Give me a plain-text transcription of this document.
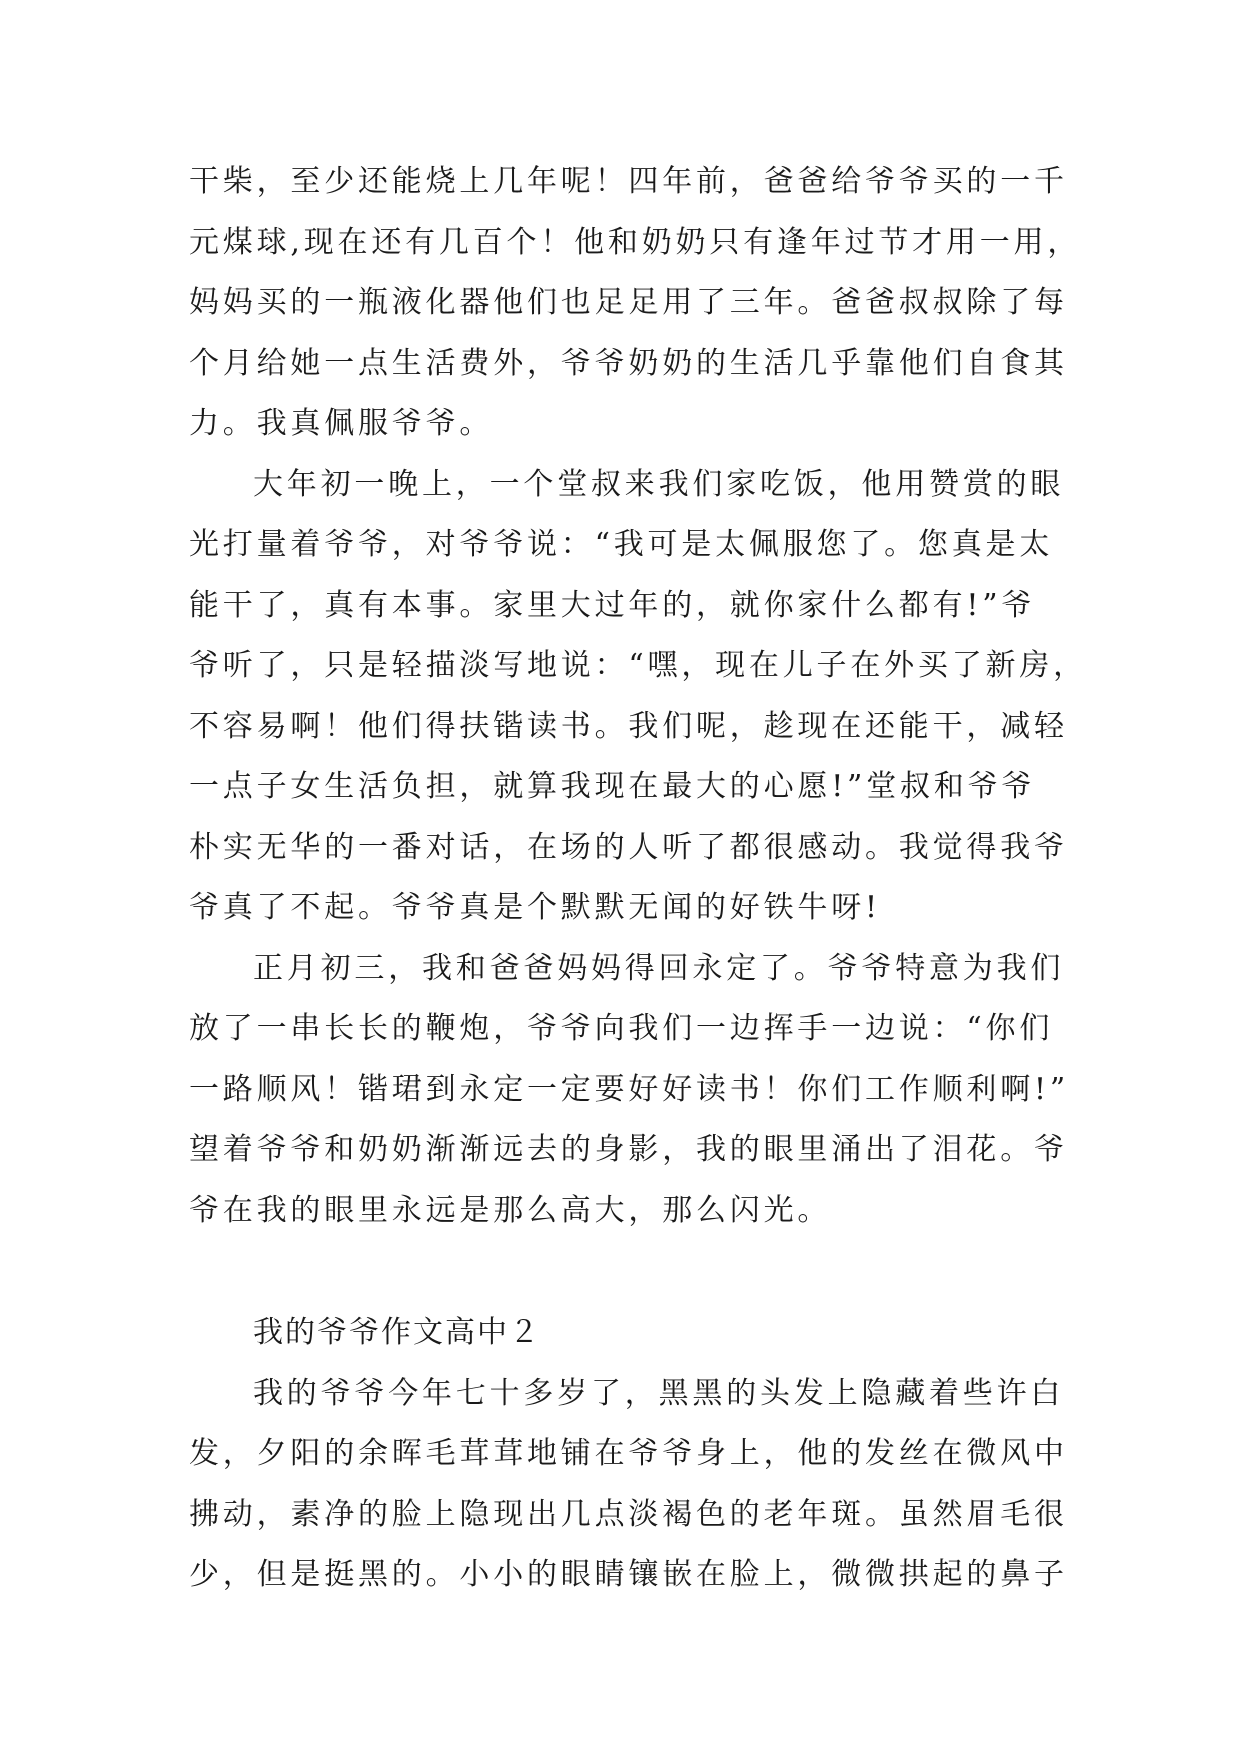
干柴，至少还能烧上几年呢！四年前，爸爸给爷爷买的一千
元煤球,现在还有几百个！他和奶奶只有逢年过节才用一用，
妈妈买的一瓶液化器他们也足足用了三年。爸爸叔叔除了每
个月给她一点生活费外，爷爷奶奶的生活几乎靠他们自食其
力。我真佩服爷爷。
大年初一晚上，一个堂叔来我们家吃饭，他用赞赏的眼
光打量着爷爷，对爷爷说：“我可是太佩服您了。您真是太
能干了，真有本事。家里大过年的，就你家什么都有!”爷
爷听了，只是轻描淡写地说：“嘿，现在儿子在外买了新房，
不容易啊！他们得扶锴读书。我们呢，趁现在还能干，减轻
一点子女生活负担，就算我现在最大的心愿!”堂叔和爷爷
朴实无华的一番对话，在场的人听了都很感动。我觉得我爷
爷真了不起。爷爷真是个默默无闻的好铁牛呀!
正月初三，我和爸爸妈妈得回永定了。爷爷特意为我们
放了一串长长的鞭炮，爷爷向我们一边挥手一边说：“你们
一路顺风！锴珺到永定一定要好好读书！你们工作顺利啊!”
望着爷爷和奶奶渐渐远去的身影，我的眼里涌出了泪花。爷
爷在我的眼里永远是那么高大，那么闪光。
我的爷爷作文高中２
我的爷爷今年七十多岁了，黑黑的头发上隐藏着些许白
发，夕阳的余晖毛茸茸地铺在爷爷身上，他的发丝在微风中
拂动，素净的脸上隐现出几点淡褐色的老年斑。虽然眉毛很
少，但是挺黑的。小小的眼睛镶嵌在脸上，微微拱起的鼻子
